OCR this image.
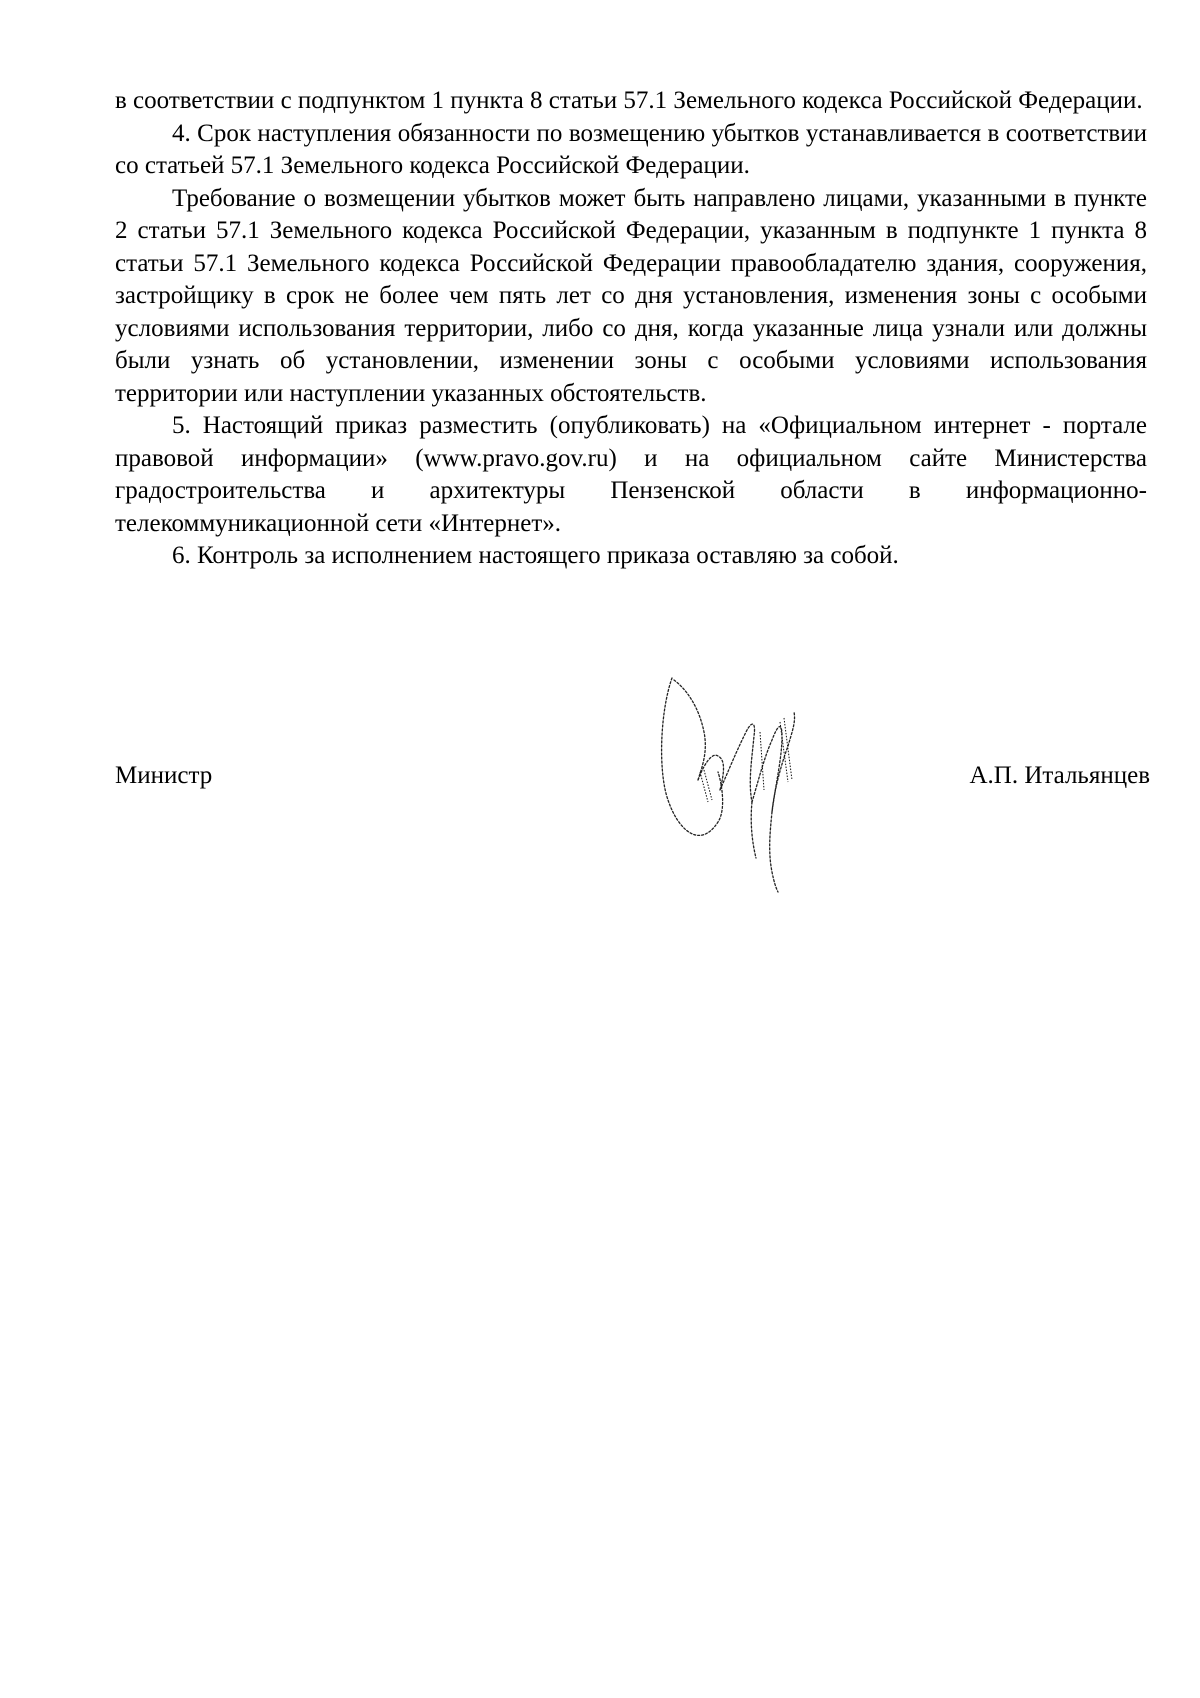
в соответствии с подпунктом 1 пункта 8 статьи 57.1 Земельного кодекса Российской Федерации.

4. Срок наступления обязанности по возмещению убытков устанавливается в соответствии со статьей 57.1 Земельного кодекса Российской Федерации.

Требование о возмещении убытков может быть направлено лицами, указанными в пункте 2 статьи 57.1 Земельного кодекса Российской Федерации, указанным в подпункте 1 пункта 8 статьи 57.1 Земельного кодекса Российской Федерации правообладателю здания, сооружения, застройщику в срок не более чем пять лет со дня установления, изменения зоны с особыми условиями использования территории, либо со дня, когда указанные лица узнали или должны были узнать об установлении, изменении зоны с особыми условиями использования территории или наступлении указанных обстоятельств.

5. Настоящий приказ разместить (опубликовать) на «Официальном интернет - портале правовой информации» (www.pravo.gov.ru) и на официальном сайте Министерства градостроительства и архитектуры Пензенской области в информационно-телекоммуникационной сети «Интернет».

6. Контроль за исполнением настоящего приказа оставляю за собой.

Министр	А.П. Итальянцев
